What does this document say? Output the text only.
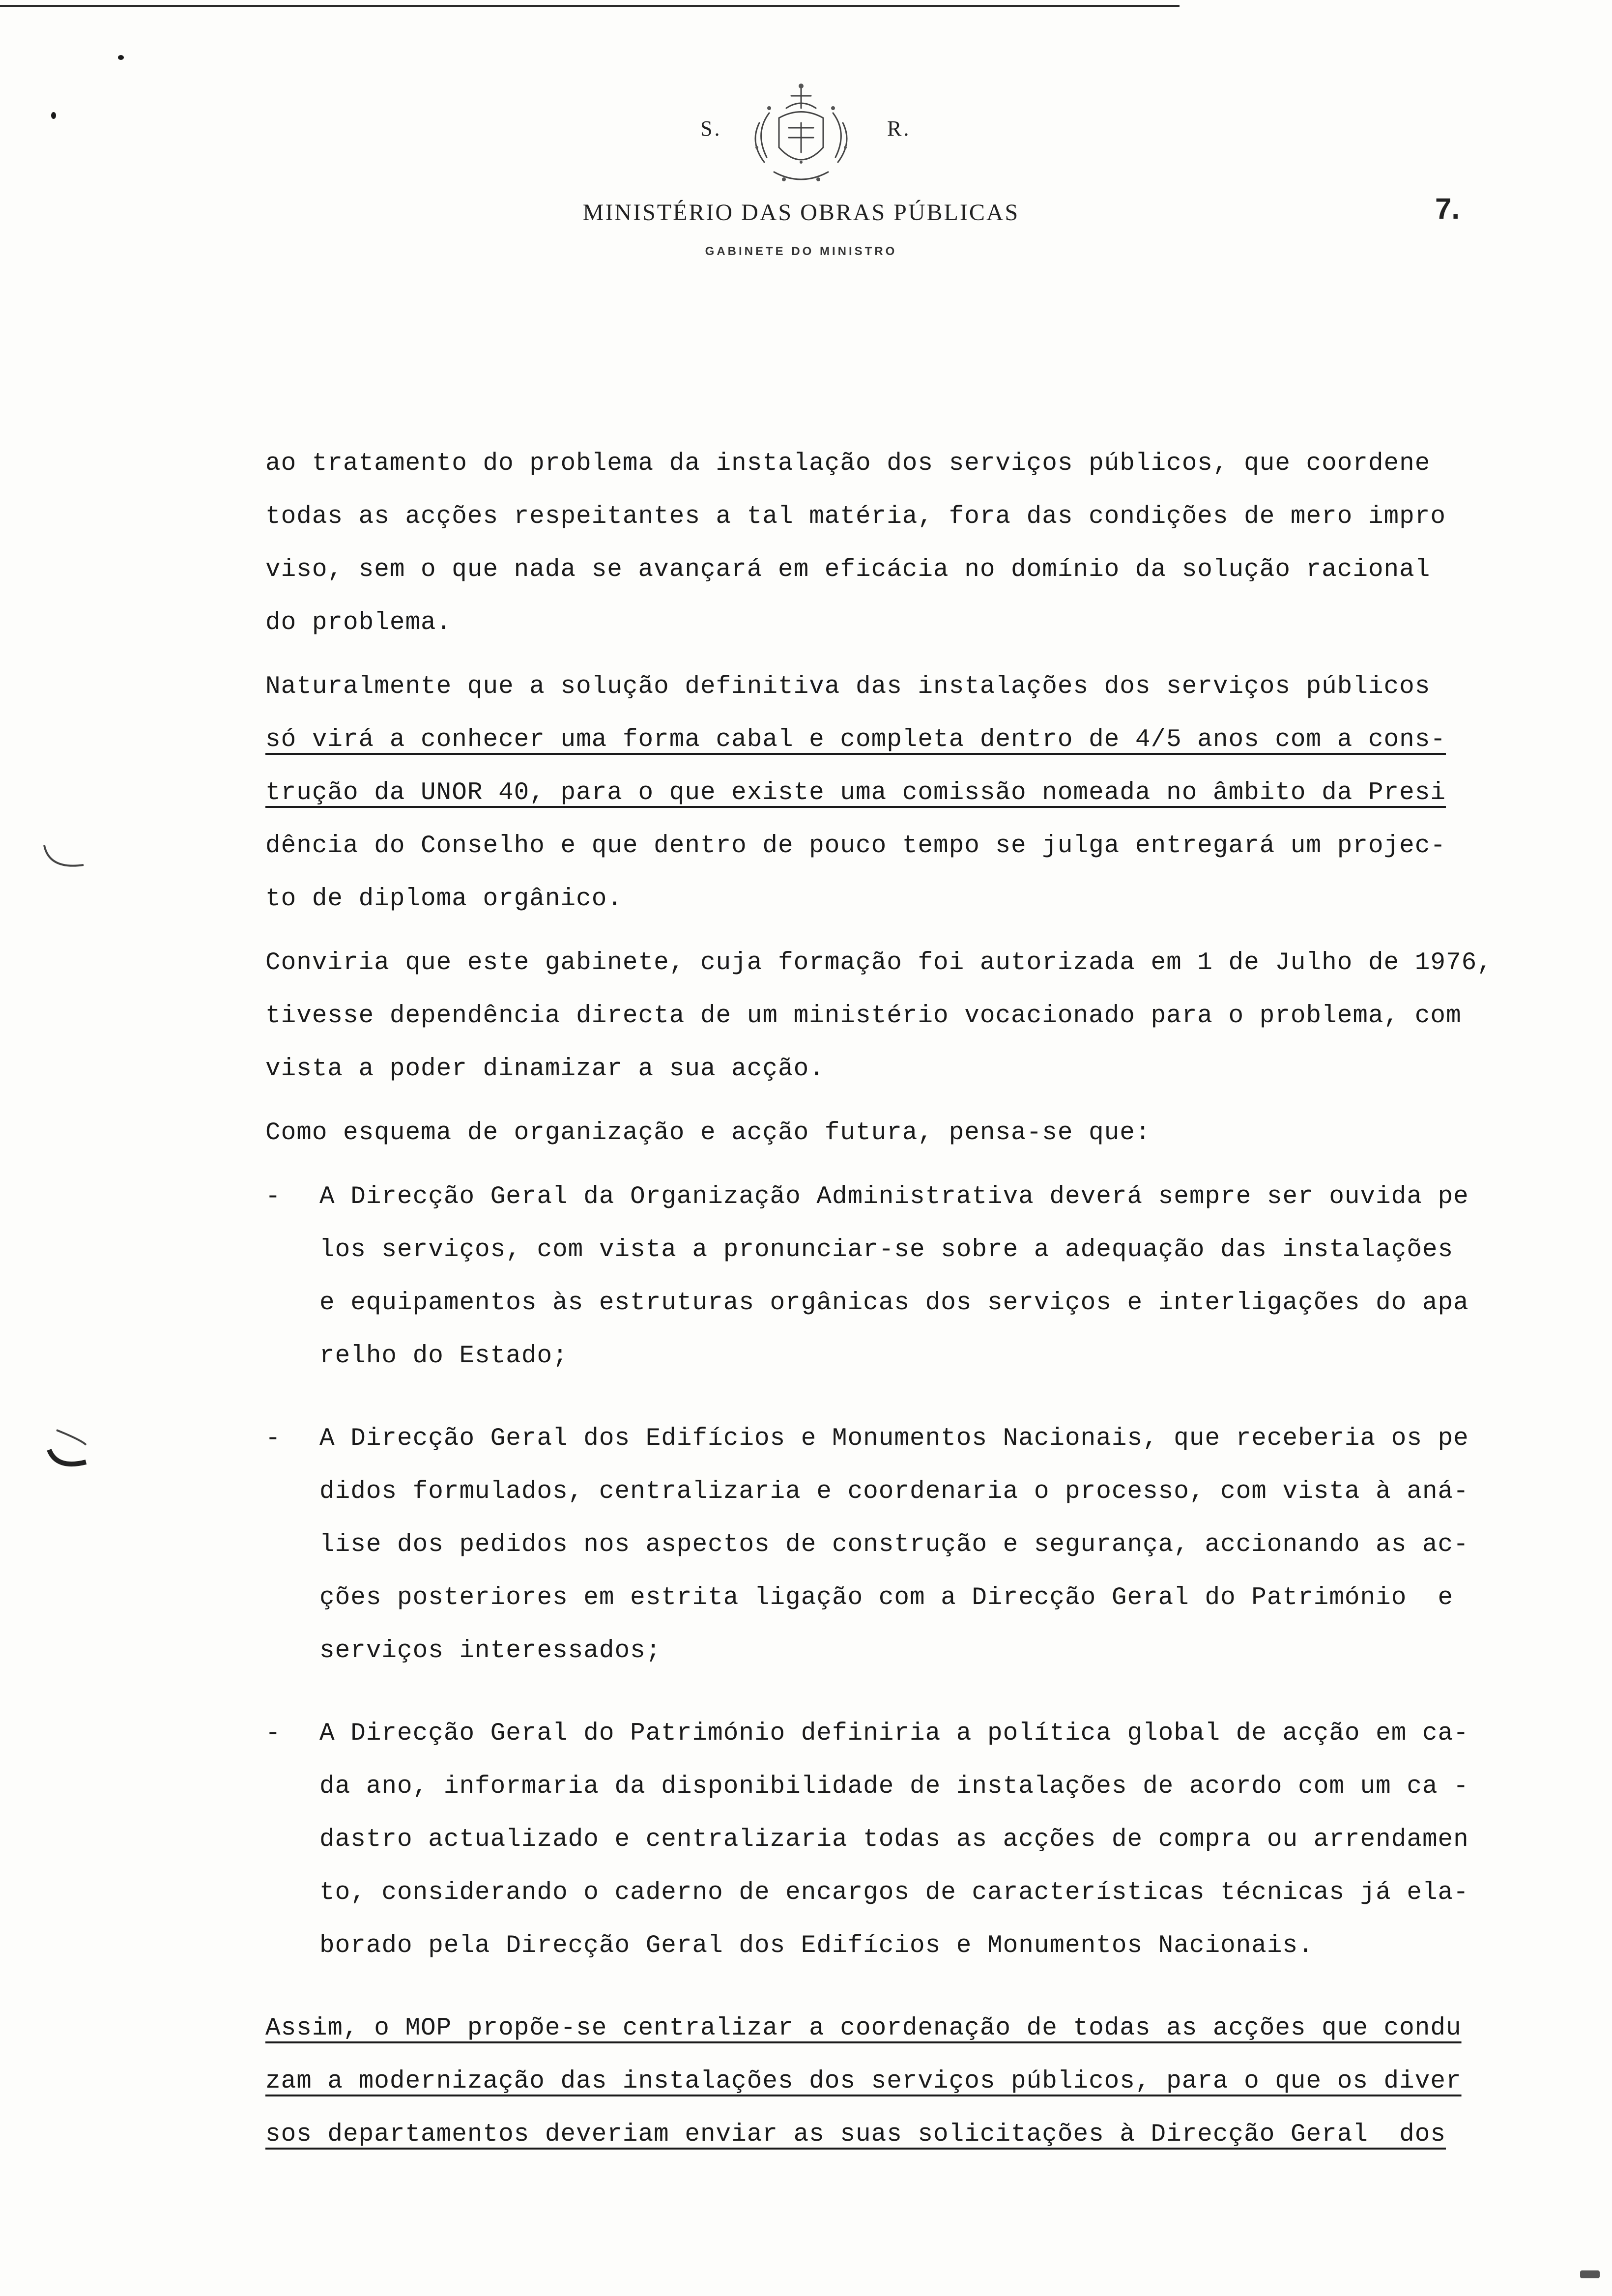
S.	R.
MINISTÉRIO DAS OBRAS PÚBLICAS
GABINETE DO MINISTRO
7.
ao tratamento do problema da instalação dos serviços públicos, que coordene
todas as acções respeitantes a tal matéria, fora das condições de mero impro
viso, sem o que nada se avançará em eficácia no domínio da solução racional
do problema.
Naturalmente que a solução definitiva das instalações dos serviços públicos
só virá a conhecer uma forma cabal e completa dentro de 4/5 anos com a cons-
trução da UNOR 40, para o que existe uma comissão nomeada no âmbito da Presi
dência do Conselho e que dentro de pouco tempo se julga entregará um projec-
to de diploma orgânico.
Conviria que este gabinete, cuja formação foi autorizada em 1 de Julho de 1976,
tivesse dependência directa de um ministério vocacionado para o problema, com
vista a poder dinamizar a sua acção.
Como esquema de organização e acção futura, pensa-se que:
- A Direcção Geral da Organização Administrativa deverá sempre ser ouvida pe
los serviços, com vista a pronunciar-se sobre a adequação das instalações
e equipamentos às estruturas orgânicas dos serviços e interligações do apa
relho do Estado;
- A Direcção Geral dos Edifícios e Monumentos Nacionais, que receberia os pe
didos formulados, centralizaria e coordenaria o processo, com vista à aná-
lise dos pedidos nos aspectos de construção e segurança, accionando as ac-
ções posteriores em estrita ligação com a Direcção Geral do Património  e
serviços interessados;
- A Direcção Geral do Património definiria a política global de acção em ca-
da ano, informaria da disponibilidade de instalações de acordo com um ca -
dastro actualizado e centralizaria todas as acções de compra ou arrendamen
to, considerando o caderno de encargos de características técnicas já ela-
borado pela Direcção Geral dos Edifícios e Monumentos Nacionais.
Assim, o MOP propõe-se centralizar a coordenação de todas as acções que condu
zam a modernização das instalações dos serviços públicos, para o que os diver
sos departamentos deveriam enviar as suas solicitações à Direcção Geral  dos
